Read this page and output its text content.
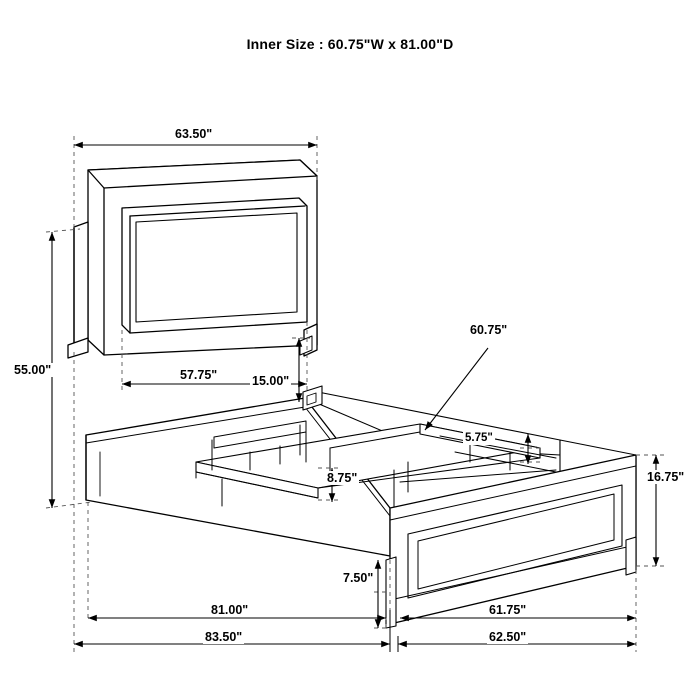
Inner Size : 60.75"W x 81.00"D
63.50"
55.00"	57.75"	15.00"
60.75"
5.75"
8.75"	16.75"
7.50"
81.00"	61.75"
83.50"	62.50"
